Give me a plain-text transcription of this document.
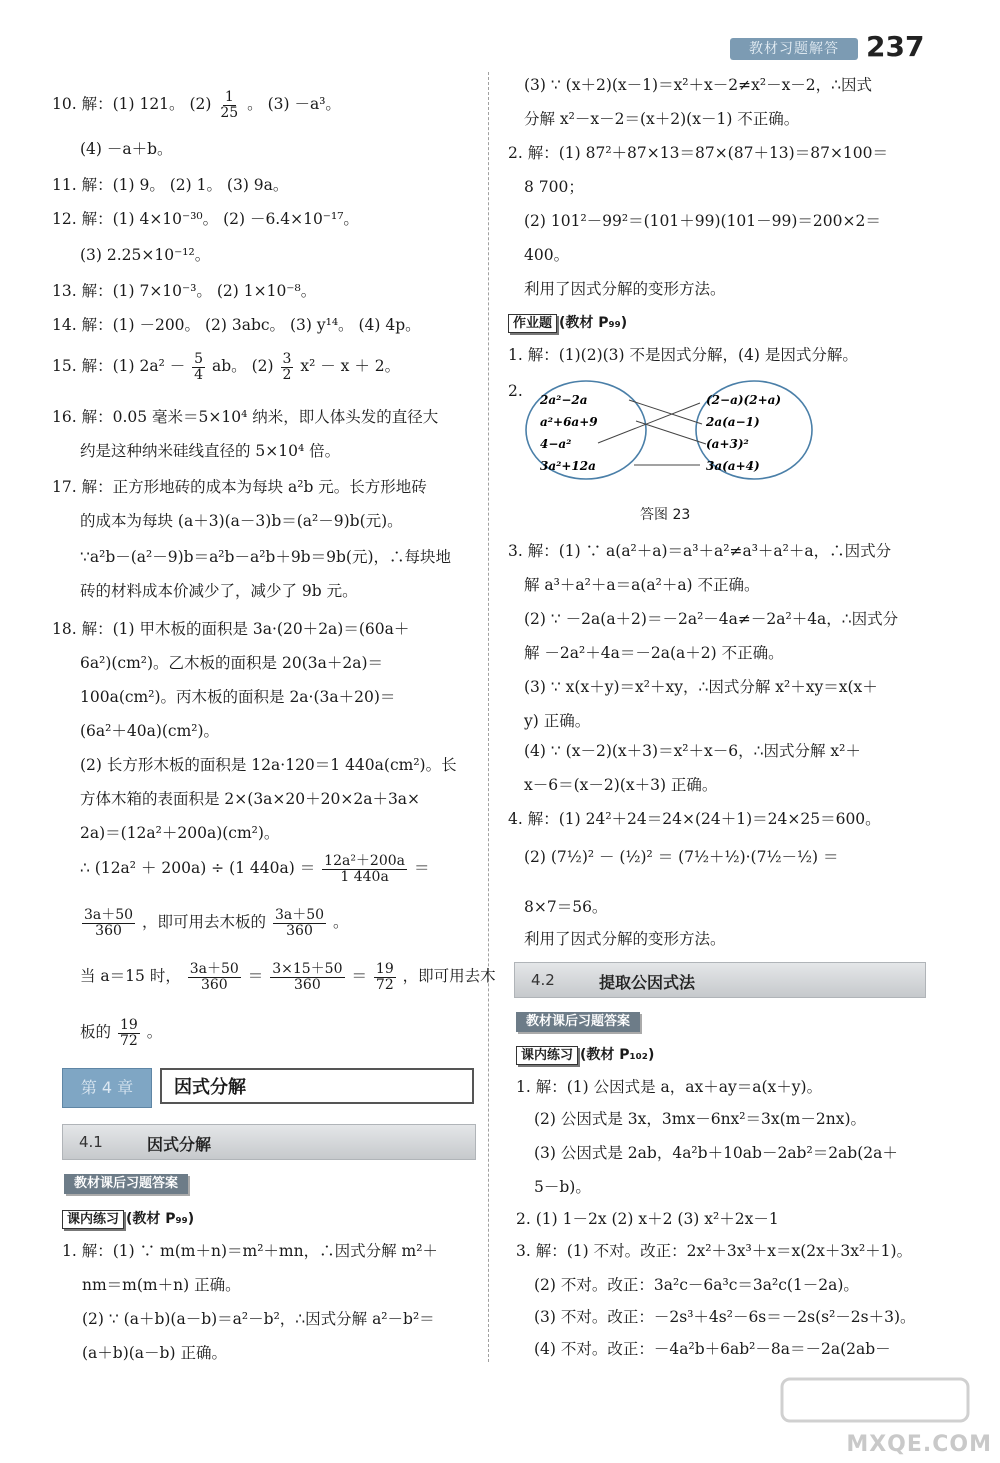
教材习题解答 237
10. 解：(1) 121。 $(2) \frac{1}{25}$ 。 (3) －a³。
(4) －a＋b。
11. 解：(1) 9。 (2) 1。 (3) 9a。
12. 解：(1) 4×10⁻³⁰。 (2) －6.4×10⁻¹⁷。
(3) 2.25×10⁻¹²。
13. 解：(1) 7×10⁻³。 (2) 1×10⁻⁸。
14. 解：(1) －200。 (2) 3abc。 (3) y¹⁴。 (4) 4p。
15. 解：(1) $2a^2 - \frac{5}{4}$ ab。 $(2) \frac{3}{2} x^2 - x + 2$。
16. 解：0.05 毫米＝5×10⁴ 纳米，即人体头发的直径大
约是这种纳米硅线直径的 5×10⁴ 倍。
17. 解：正方形地砖的成本为每块 a²b 元。长方形地砖
的成本为每块 (a＋3)(a－3)b＝(a²－9)b(元)。
∵a²b－(a²－9)b＝a²b－a²b＋9b＝9b(元)，∴每块地
砖的材料成本价减少了，减少了 9b 元。
18. 解：(1) 甲木板的面积是 3a·(20＋2a)＝(60a＋
6a²)(cm²)。乙木板的面积是 20(3a＋2a)＝
100a(cm²)。丙木板的面积是 2a·(3a＋20)＝
(6a²＋40a)(cm²)。
(2) 长方形木板的面积是 12a·120＝1 440a(cm²)。长
方体木箱的表面积是 2×(3a×20＋20×2a＋3a×
2a)＝(12a²＋200a)(cm²)。
∴ (12a² ＋ 200a) ÷ (1 $440a) = \frac{\text{12a²＋200a}}{1 440a}$ ＝
$\frac{3a+50}{360}$ ，即可用去木板的 $\frac{3a+50}{360}$ 。
当 a＝15 时， $\frac{3a+50}{360} = \frac{3\times 15+50}{360} = \frac{19}{72}$ ，即可用去木
板的 $\frac{19}{72}$ 。
第 4 章	因式分解
4.1	因式分解
教材课后习题答案
课内练习 (教材 P₉₉)
1. 解：(1) ∵ m(m＋n)＝m²＋mn，∴因式分解 m²＋
nm＝m(m＋n) 正确。
(2) ∵ (a＋b)(a－b)＝a²－b²，∴因式分解 a²－b²＝
(a＋b)(a－b) 正确。
(3) ∵ (x＋2)(x－1)＝x²＋x－2≠x²－x－2，∴因式
分解 x²－x－2＝(x＋2)(x－1) 不正确。
2. 解：(1) 87²＋87×13＝87×(87＋13)＝87×100＝
8 700；
(2) 101²－99²＝(101＋99)(101－99)＝200×2＝
400。
利用了因式分解的变形方法。
作业题 (教材 P₉₉)
1. 解：(1)(2)(3) 不是因式分解，(4) 是因式分解。
2. 2a²−2a
a²+6a+9
4−a²
3a²+12a
(2−a)(2+a)
2a(a−1)
(a+3)²
3a(a+4)
答图 23
3. 解：(1) ∵ a(a²＋a)＝a³＋a²≠a³＋a²＋a，∴因式分
解 a³＋a²＋a＝a(a²＋a) 不正确。
(2) ∵ －2a(a＋2)＝－2a²－4a≠－2a²＋4a，∴因式分
解 －2a²＋4a＝－2a(a＋2) 不正确。
(3) ∵ x(x＋y)＝x²＋xy，∴因式分解 x²＋xy＝x(x＋
y) 正确。
(4) ∵ (x－2)(x＋3)＝x²＋x－6，∴因式分解 x²＋
x－6＝(x－2)(x＋3) 正确。
4. 解：(1) 24²＋24＝24×(24＋1)＝24×25＝600。
(2) (7½)² － (½)² ＝ (7½＋½)·(7½－½) ＝
8×7＝56。
利用了因式分解的变形方法。
4.2	提取公因式法
教材课后习题答案
课内练习 (教材 P₁₀₂)
1. 解：(1) 公因式是 a，ax＋ay＝a(x＋y)。
(2) 公因式是 3x，3mx－6nx²＝3x(m－2nx)。
(3) 公因式是 2ab，4a²b＋10ab－2ab²＝2ab(2a＋
5－b)。
2. (1) 1－2x (2) x＋2 (3) x²＋2x－1
3. 解：(1) 不对。改正：2x²＋3x³＋x＝x(2x＋3x²＋1)。
(2) 不对。改正：3a²c－6a³c＝3a²c(1－2a)。
(3) 不对。改正：－2s³＋4s²－6s＝－2s(s²－2s＋3)。
(4) 不对。改正：－4a²b＋6ab²－8a＝－2a(2ab－
MXQE.COM
